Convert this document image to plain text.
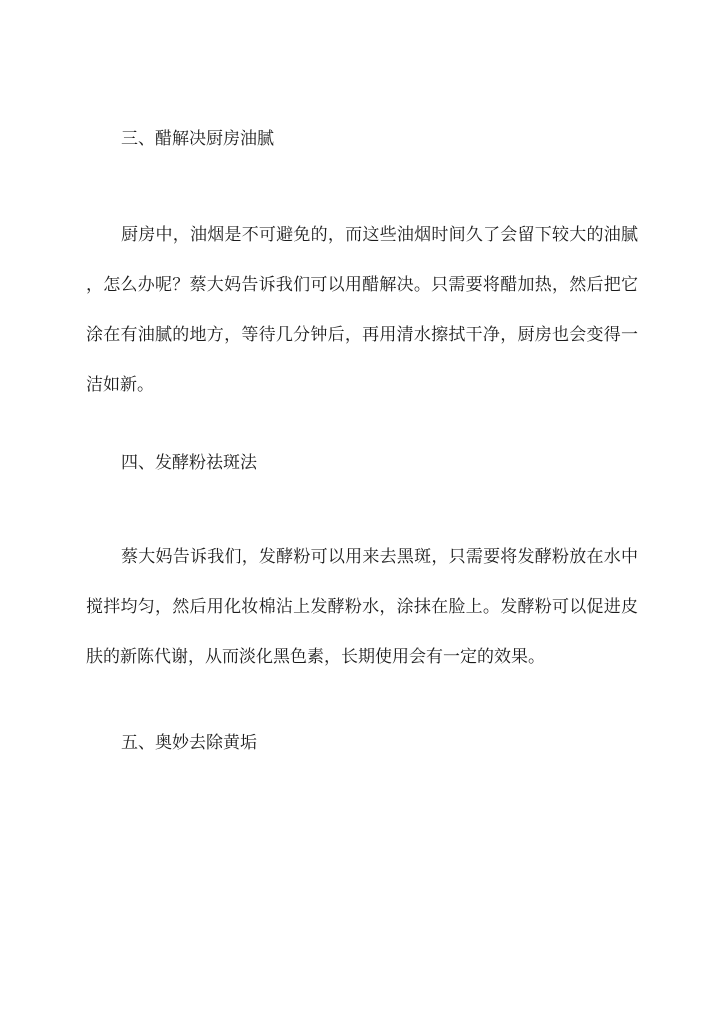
三、醋解决厨房油腻
厨房中，油烟是不可避免的，而这些油烟时间久了会留下较大的油腻
，怎么办呢？蔡大妈告诉我们可以用醋解决。只需要将醋加热，然后把它
涂在有油腻的地方，等待几分钟后，再用清水擦拭干净，厨房也会变得一
洁如新。
四、发酵粉祛斑法
蔡大妈告诉我们，发酵粉可以用来去黑斑，只需要将发酵粉放在水中
搅拌均匀，然后用化妆棉沾上发酵粉水，涂抹在脸上。发酵粉可以促进皮
肤的新陈代谢，从而淡化黑色素，长期使用会有一定的效果。
五、奥妙去除黄垢
